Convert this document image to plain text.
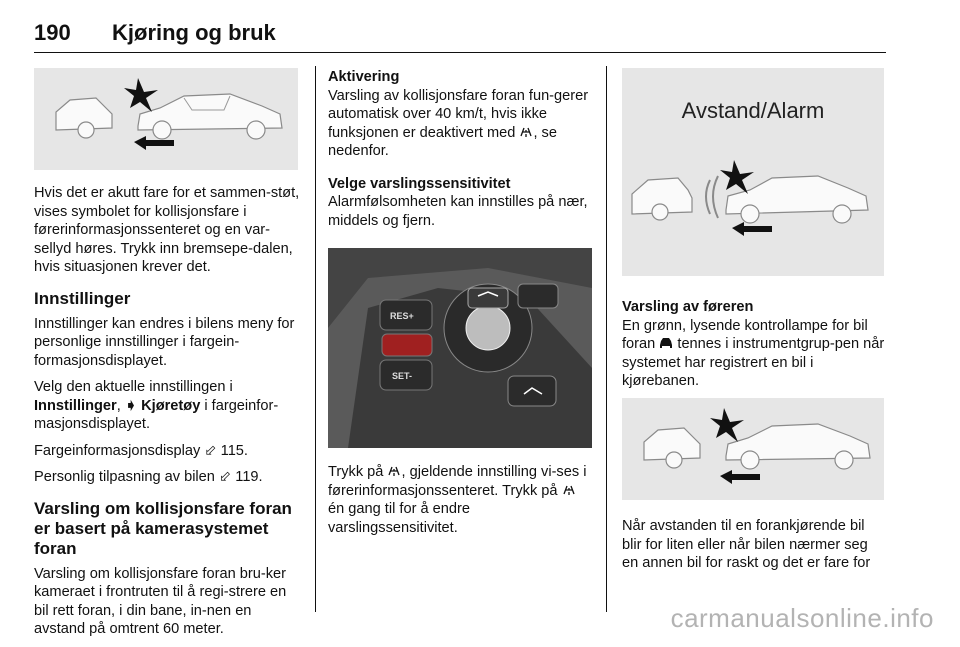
190 Kjøring og bruk

Hvis det er akutt fare for et sammen-støt, vises symbolet for kollisjonsfare i førerinformasjonssenteret og en var-sellyd høres. Trykk inn bremsepe-dalen, hvis situasjonen krever det.

Innstillinger

Innstillinger kan endres i bilens meny for personlige innstillinger i fargein-formasjonsdisplayet.

Velg den aktuelle innstillingen i
Innstillinger, ➧ Kjøretøy i fargeinfor-masjonsdisplayet.

Fargeinformasjonsdisplay ⬃ 115.

Personlig tilpasning av bilen ⬃ 119.

Varsling om kollisjonsfare foran er basert på kamerasystemet foran

Varsling om kollisjonsfare foran bru-ker kameraet i frontruten til å regi-strere en bil rett foran, i din bane, in-nen en avstand på omtrent 60 meter.

Aktivering

Varsling av kollisjonsfare foran fun-gerer automatisk over 40 km/t, hvis ikke funksjonen er deaktivert med , se nedenfor.

Velge varslingssensitivitet

Alarmfølsomheten kan innstilles på nær, middels og fjern.

RES+
SET-

Trykk på , gjeldende innstilling vi-ses i førerinformasjonssenteret. Trykk på  én gang til for å endre varslingssensitivitet.

Avstand/Alarm
Varsling av føreren

En grønn, lysende kontrollampe for bil foran tennes i instrumentgrup-pen når systemet har registrert en bil i kjørebanen.

Når avstanden til en forankjørende bil blir for liten eller når bilen nærmer seg en annen bil for raskt og det er fare for

carmanualsonline.info
